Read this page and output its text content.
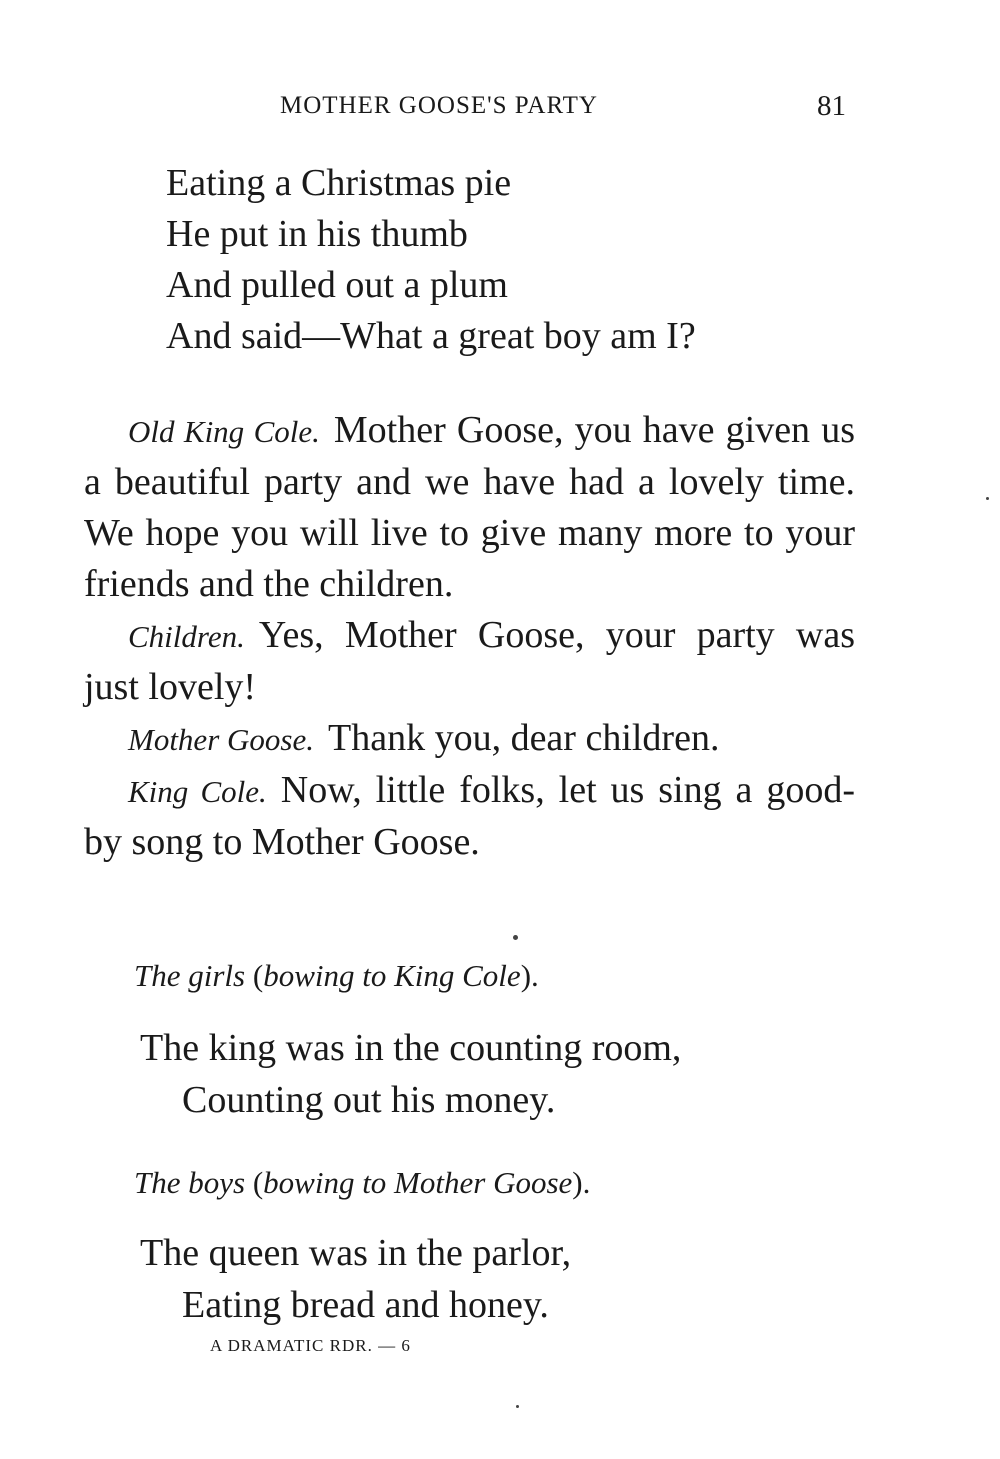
MOTHER GOOSE'S PARTY	81
Eating a Christmas pie
He put in his thumb
And pulled out a plum
And said—What a great boy am I?

Old King Cole. Mother Goose, you have given us a beautiful party and we have had a lovely time. We hope you will live to give many more to your friends and the children.

Children. Yes, Mother Goose, your party was just lovely!

Mother Goose. Thank you, dear children.

King Cole. Now, little folks, let us sing a good-by song to Mother Goose.

The girls (bowing to King Cole).
The king was in the counting room,
Counting out his money.
The boys (bowing to Mother Goose).
The queen was in the parlor,
Eating bread and honey.
A DRAMATIC RDR. — 6
